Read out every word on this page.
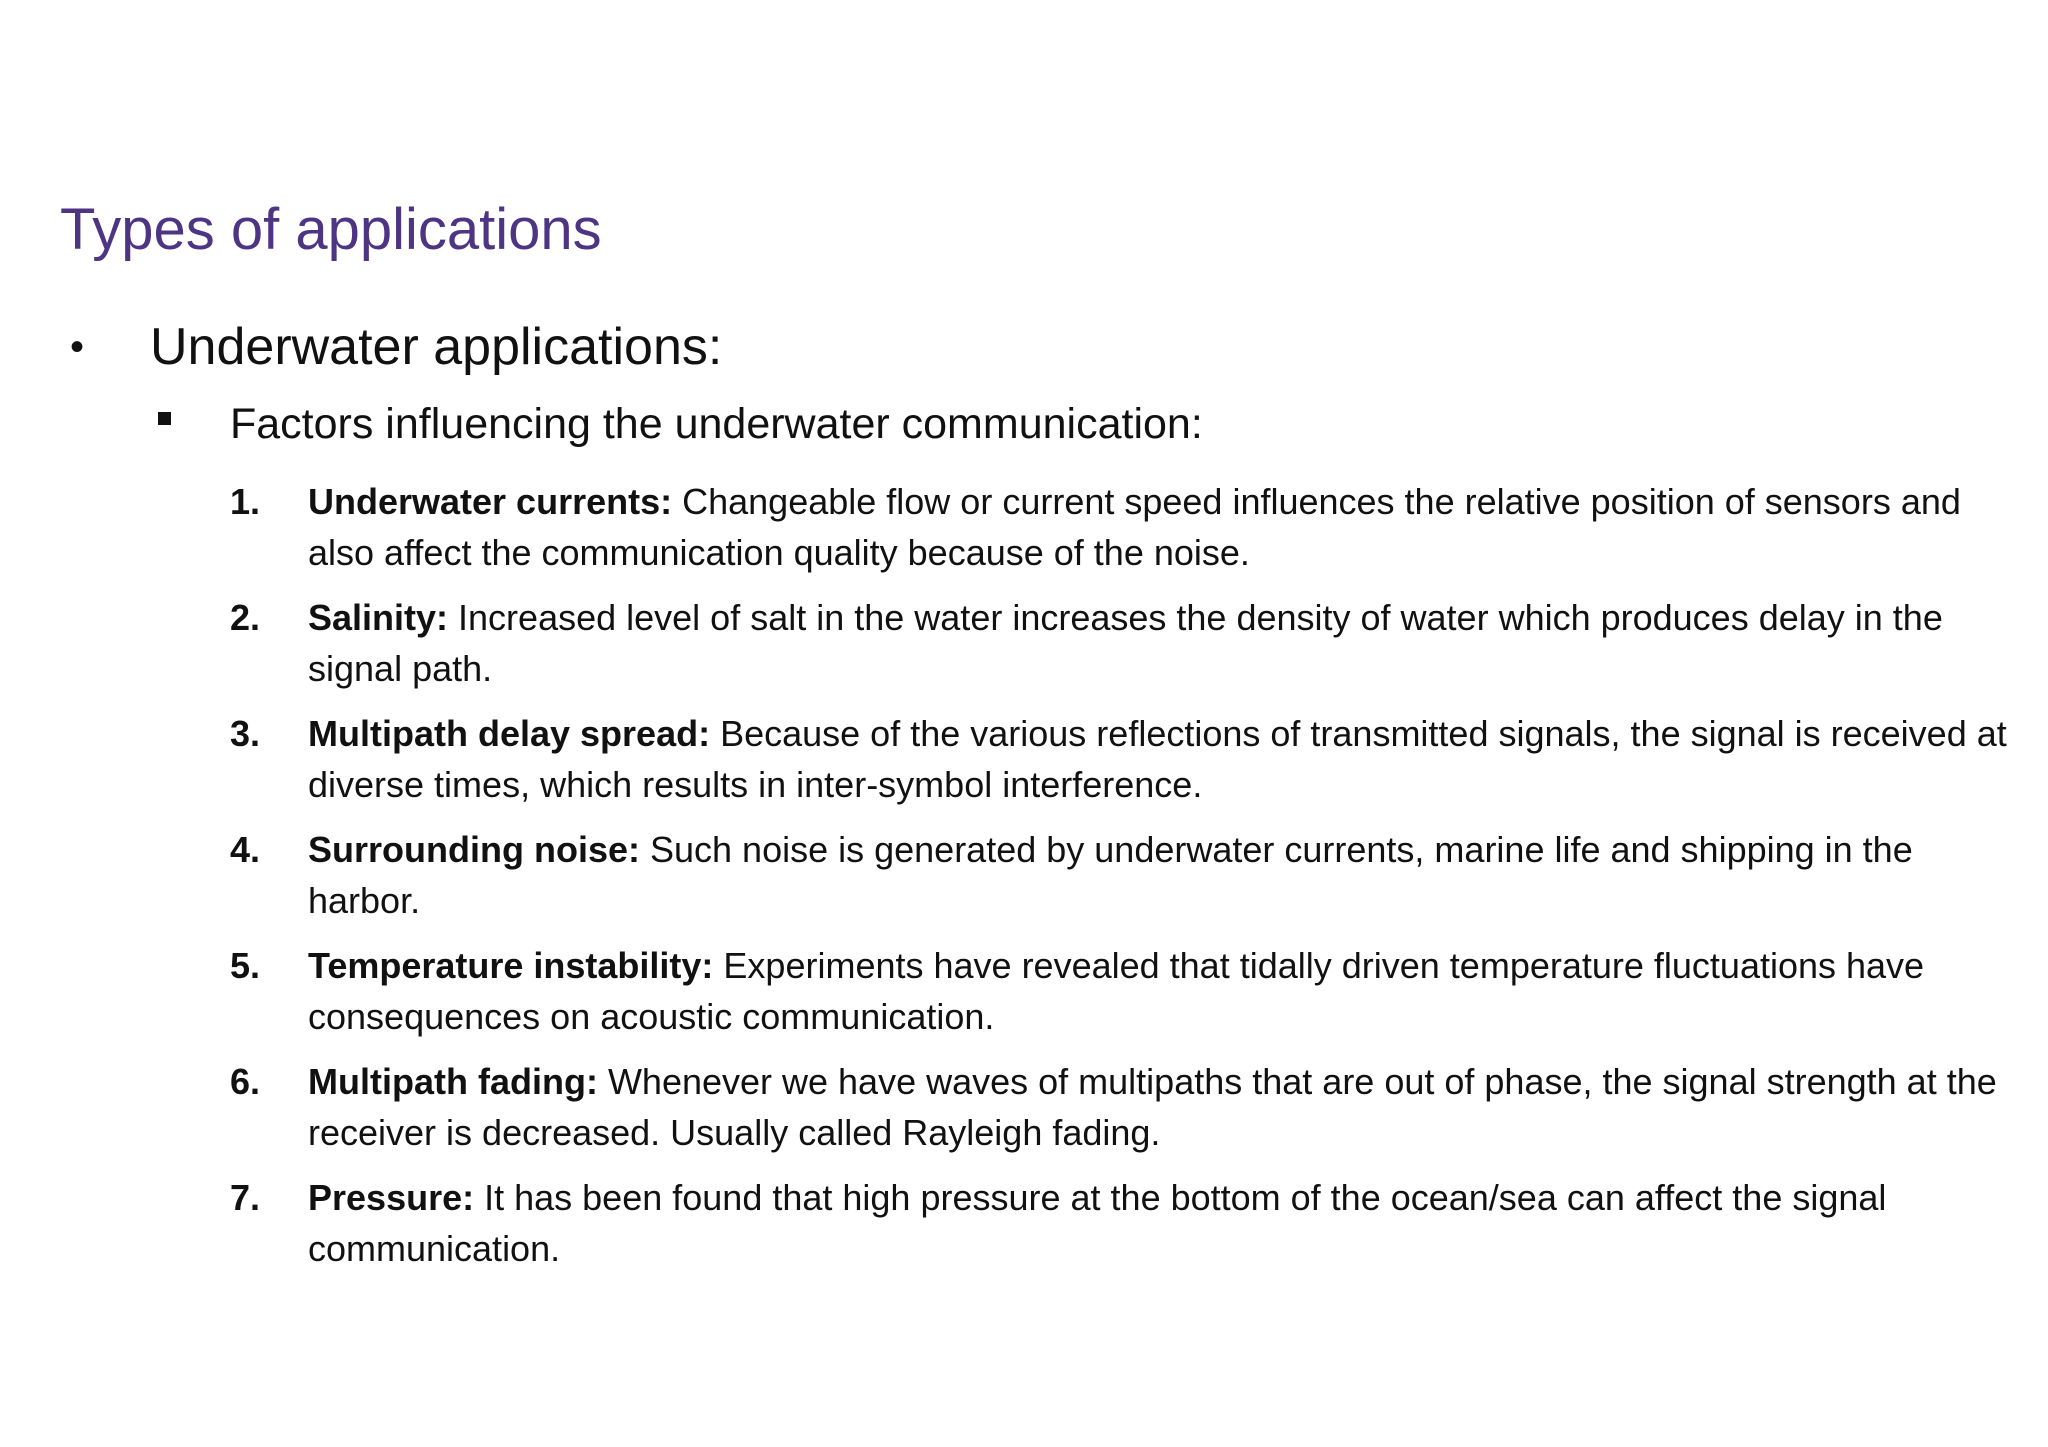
Types of applications
•	Underwater applications:
Factors influencing the underwater communication:
1. Underwater currents: Changeable flow or current speed influences the relative position of sensors and also affect the communication quality because of the noise.
2. Salinity: Increased level of salt in the water increases the density of water which produces delay in the signal path.
3. Multipath delay spread: Because of the various reflections of transmitted signals, the signal is received at diverse times, which results in inter-symbol interference.
4. Surrounding noise: Such noise is generated by underwater currents, marine life and shipping in the harbor.
5. Temperature instability: Experiments have revealed that tidally driven temperature fluctuations have consequences on acoustic communication.
6. Multipath fading: Whenever we have waves of multipaths that are out of phase, the signal strength at the receiver is decreased. Usually called Rayleigh fading.
7. Pressure: It has been found that high pressure at the bottom of the ocean/sea can affect the signal communication.
